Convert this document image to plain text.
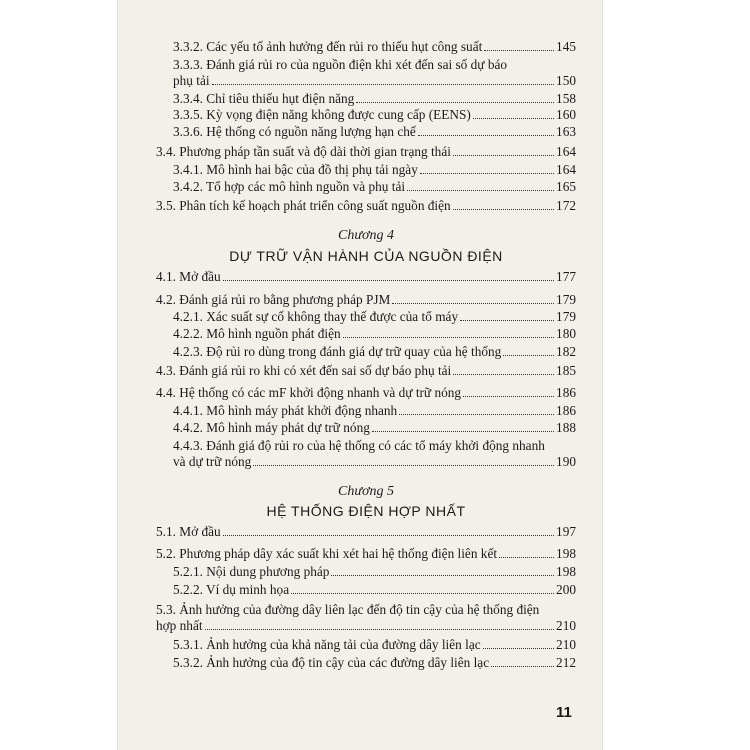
3.3.2. Các yếu tố ảnh hưởng đến rủi ro thiếu hụt công suất	145
3.3.3. Đánh giá rủi ro của nguồn điện khi xét đến sai số dự báo
phụ tải	150
3.3.4. Chỉ tiêu thiếu hụt điện năng	158
3.3.5. Kỳ vọng điện năng không được cung cấp (EENS)	160
3.3.6. Hệ thống có nguồn năng lượng hạn chế	163
3.4. Phương pháp tần suất và độ dài thời gian trạng thái	164
3.4.1. Mô hình hai bậc của đồ thị phụ tải ngày	164
3.4.2. Tổ hợp các mô hình nguồn và phụ tải	165
3.5. Phân tích kế hoạch phát triển công suất nguồn điện	172
Chương 4
DỰ TRỮ VẬN HÀNH CỦA NGUỒN ĐIỆN
4.1. Mở đầu	177
4.2. Đánh giá rủi ro bằng phương pháp PJM	179
4.2.1. Xác suất sự cố không thay thế được của tổ máy	179
4.2.2. Mô hình nguồn phát điện	180
4.2.3. Độ rủi ro dùng trong đánh giá dự trữ quay của hệ thống	182
4.3. Đánh giá rủi ro khi có xét đến sai số dự báo phụ tải	185
4.4. Hệ thống có các mF khởi động nhanh và dự trữ nóng	186
4.4.1. Mô hình máy phát khởi động nhanh	186
4.4.2. Mô hình máy phát dự trữ nóng	188
4.4.3. Đánh giá độ rủi ro của hệ thống có các tổ máy khởi động nhanh
và dự trữ nóng	190
Chương 5
HỆ THỐNG ĐIỆN HỢP NHẤT
5.1. Mở đầu	197
5.2. Phương pháp dây xác suất khi xét hai hệ thống điện liên kết	198
5.2.1. Nội dung phương pháp	198
5.2.2. Ví dụ minh họa	200
5.3. Ảnh hưởng của đường dây liên lạc đến độ tin cậy của hệ thống điện
hợp nhất	210
5.3.1. Ảnh hưởng của khả năng tải của đường dây liên lạc	210
5.3.2. Ảnh hưởng của độ tin cậy của các đường dây liên lạc	212
11
